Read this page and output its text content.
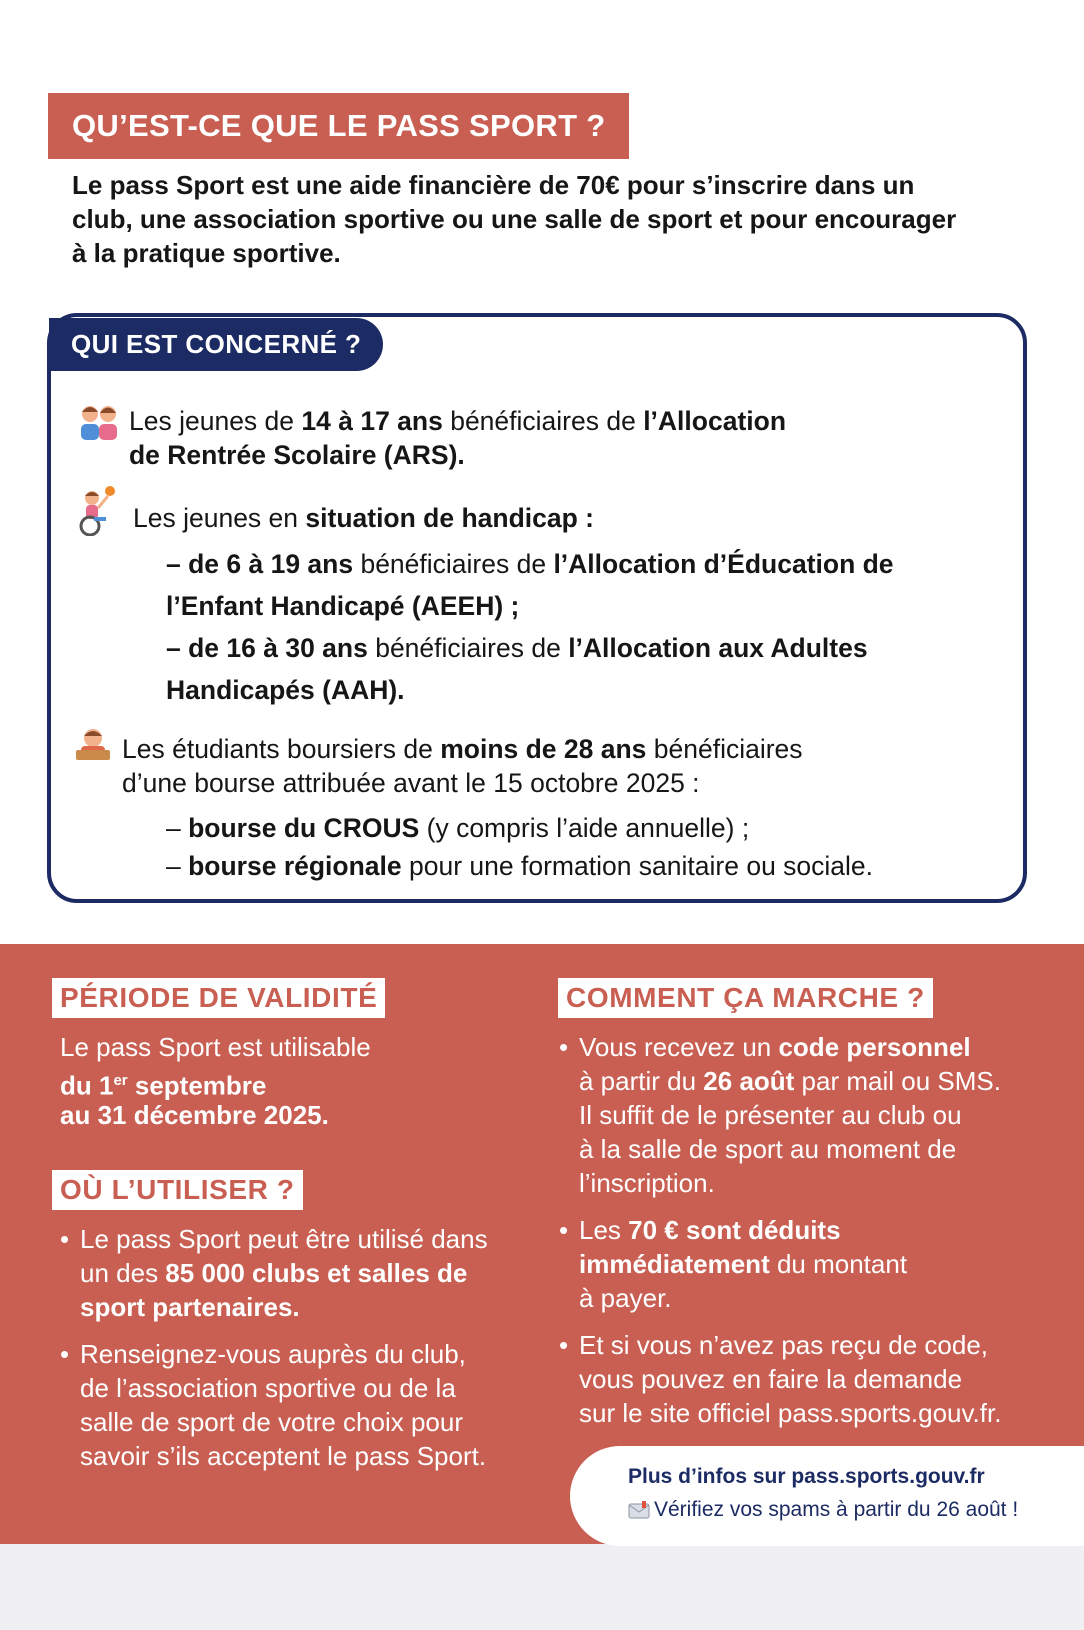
QU’EST-CE QUE LE PASS SPORT ?
Le pass Sport est une aide financière de 70€ pour s’inscrire dans un club, une association sportive ou une salle de sport et pour encourager à la pratique sportive.
QUI EST CONCERNÉ ?
Les jeunes de 14 à 17 ans bénéficiaires de l’Allocation
de Rentrée Scolaire (ARS).
Les jeunes en situation de handicap :
– de 6 à 19 ans bénéficiaires de l’Allocation d’Éducation de
l’Enfant Handicapé (AEEH) ;
– de 16 à 30 ans bénéficiaires de l’Allocation aux Adultes
Handicapés (AAH).
Les étudiants boursiers de moins de 28 ans bénéficiaires
d’une bourse attribuée avant le 15 octobre 2025 :
– bourse du CROUS (y compris l’aide annuelle) ;
– bourse régionale pour une formation sanitaire ou sociale.
PÉRIODE DE VALIDITÉ
Le pass Sport est utilisable
du 1er septembre
au 31 décembre 2025.
OÙ L’UTILISER ?
• Le pass Sport peut être utilisé dans
un des 85 000 clubs et salles de
sport partenaires.
• Renseignez-vous auprès du club,
de l’association sportive ou de la
salle de sport de votre choix pour
savoir s’ils acceptent le pass Sport.
COMMENT ÇA MARCHE ?
• Vous recevez un code personnel
à partir du 26 août par mail ou SMS.
Il suffit de le présenter au club ou
à la salle de sport au moment de
l’inscription.
• Les 70 € sont déduits
immédiatement du montant
à payer.
• Et si vous n’avez pas reçu de code,
vous pouvez en faire la demande
sur le site officiel pass.sports.gouv.fr.
Plus d’infos sur pass.sports.gouv.fr
Vérifiez vos spams à partir du 26 août !
